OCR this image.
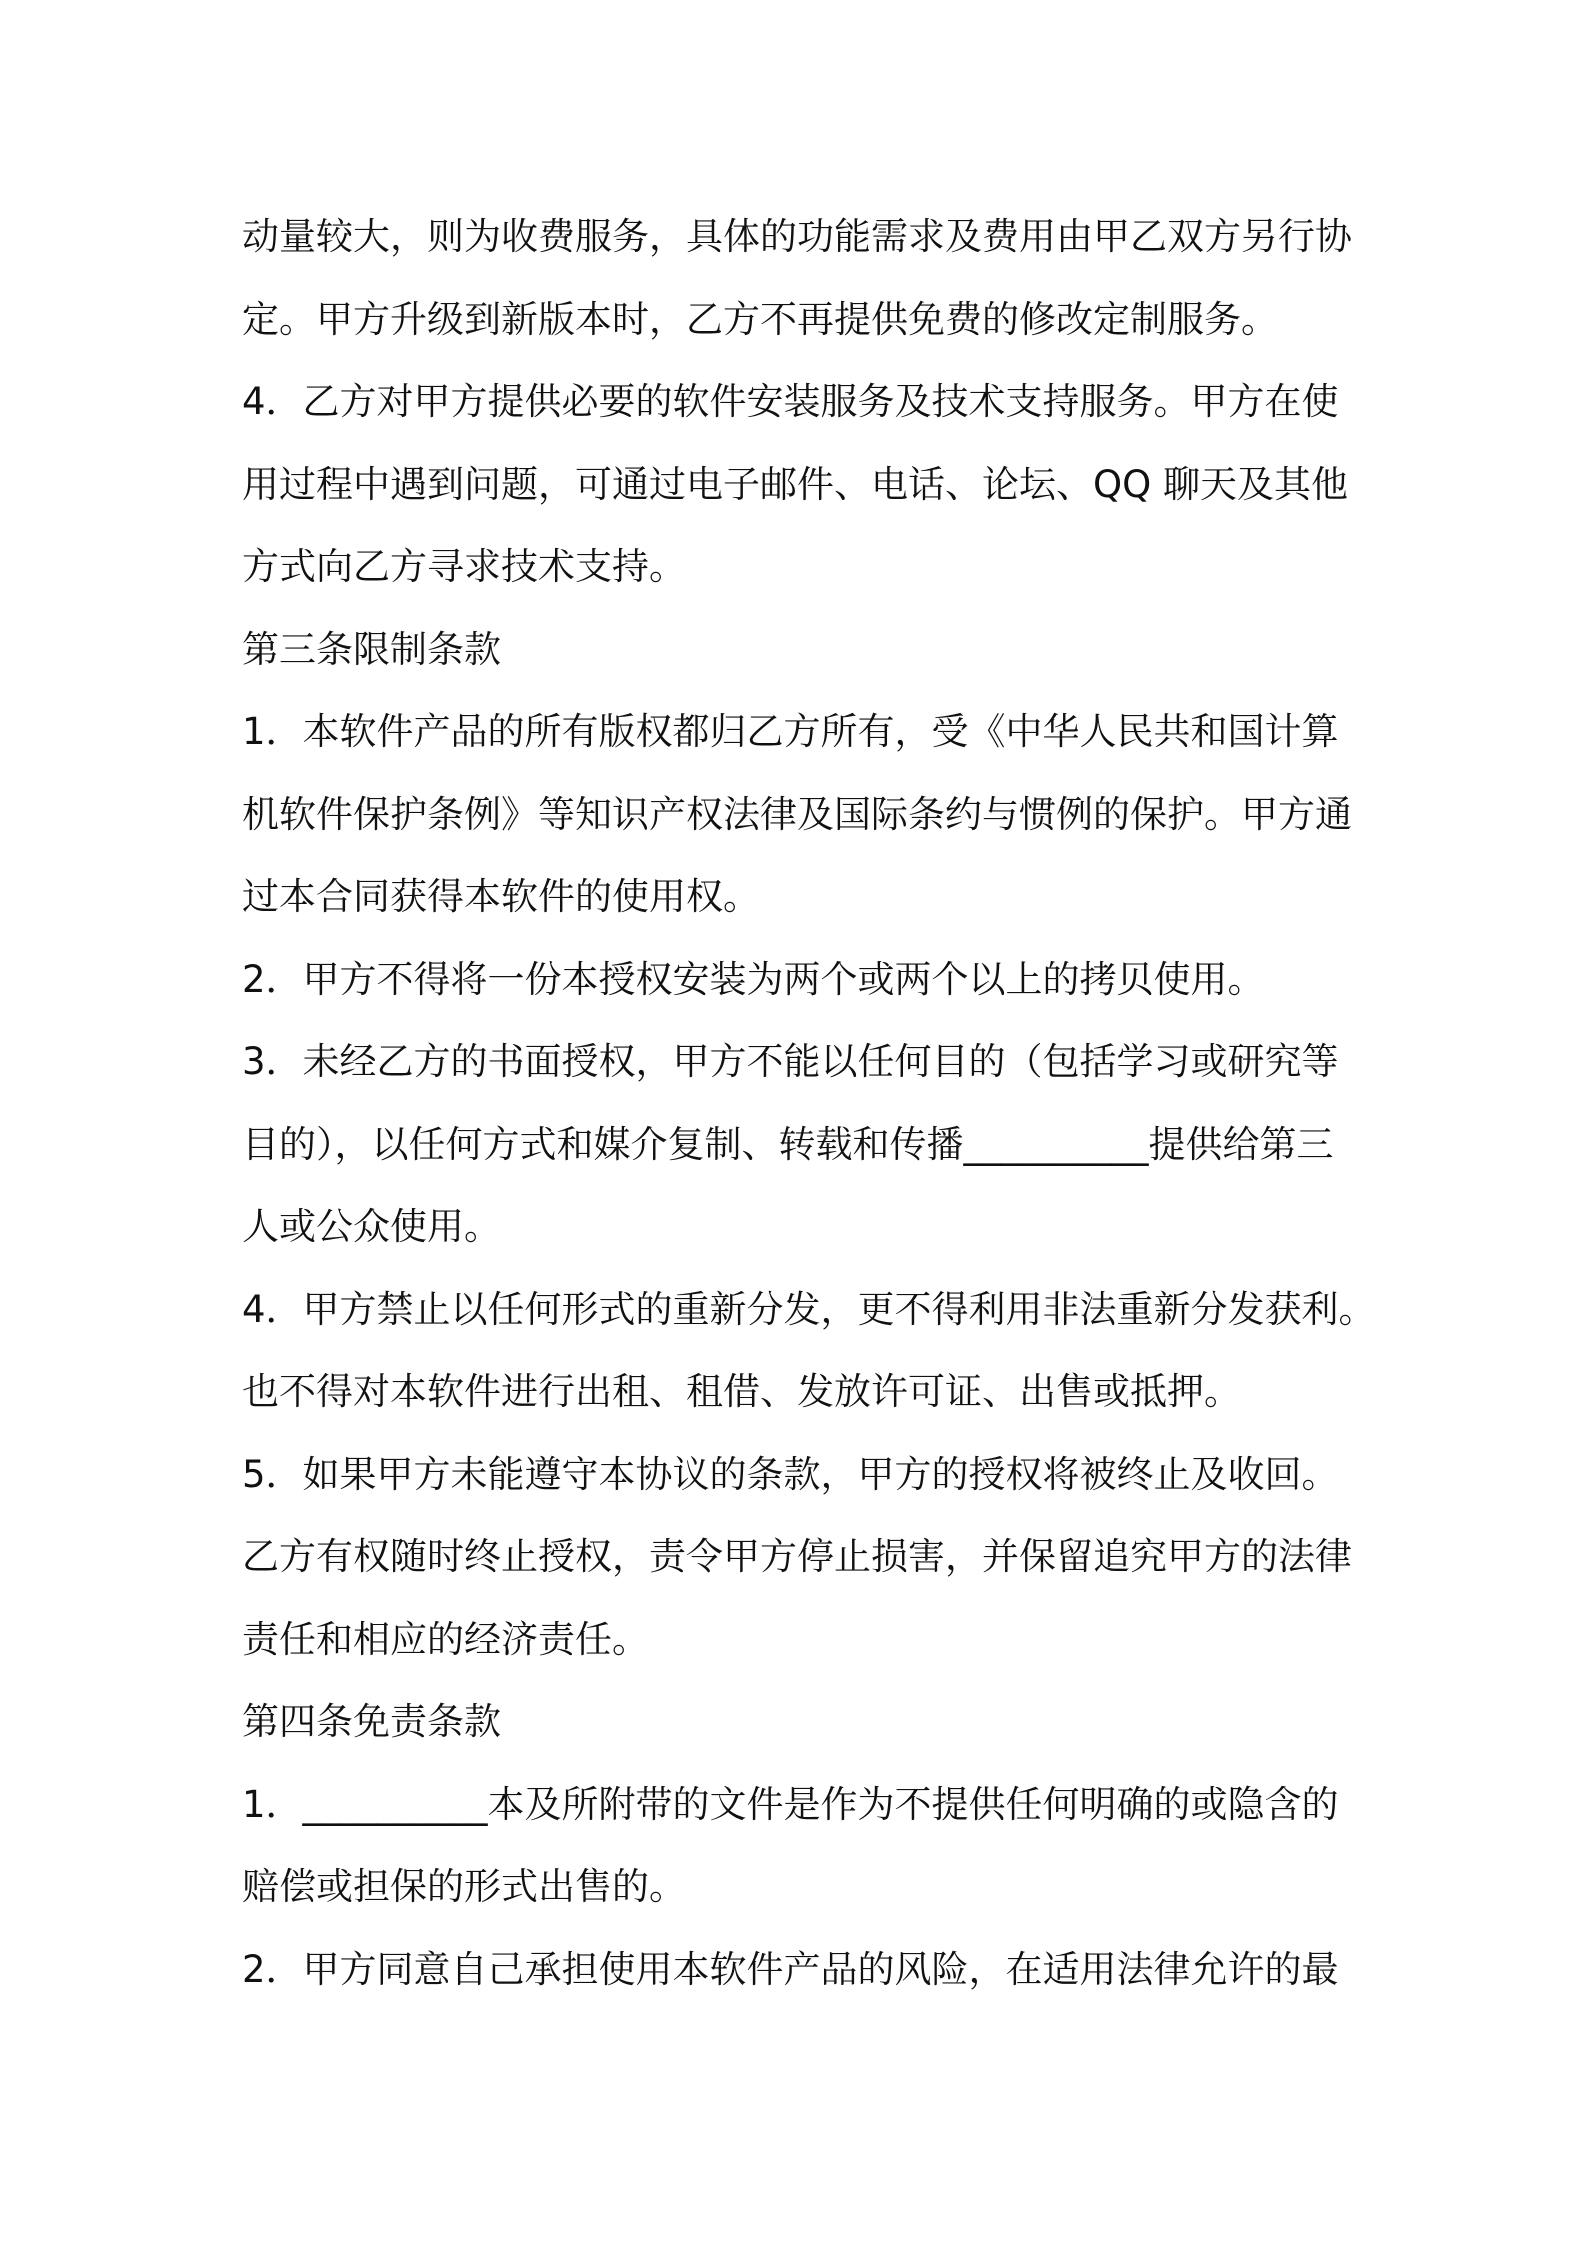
动量较大，则为收费服务，具体的功能需求及费用由甲乙双方另行协
定。甲方升级到新版本时，乙方不再提供免费的修改定制服务。
4．乙方对甲方提供必要的软件安装服务及技术支持服务。甲方在使
用过程中遇到问题，可通过电子邮件、电话、论坛、QQ 聊天及其他
方式向乙方寻求技术支持。
第三条限制条款
1．本软件产品的所有版权都归乙方所有，受《中华人民共和国计算
机软件保护条例》等知识产权法律及国际条约与惯例的保护。甲方通
过本合同获得本软件的使用权。
2．甲方不得将一份本授权安装为两个或两个以上的拷贝使用。
3．未经乙方的书面授权，甲方不能以任何目的（包括学习或研究等
目的），以任何方式和媒介复制、转载和传播__________提供给第三
人或公众使用。
4．甲方禁止以任何形式的重新分发，更不得利用非法重新分发获利。
也不得对本软件进行出租、租借、发放许可证、出售或抵押。
5．如果甲方未能遵守本协议的条款，甲方的授权将被终止及收回。
乙方有权随时终止授权，责令甲方停止损害，并保留追究甲方的法律
责任和相应的经济责任。
第四条免责条款
1．__________本及所附带的文件是作为不提供任何明确的或隐含的
赔偿或担保的形式出售的。
2．甲方同意自己承担使用本软件产品的风险，在适用法律允许的最
